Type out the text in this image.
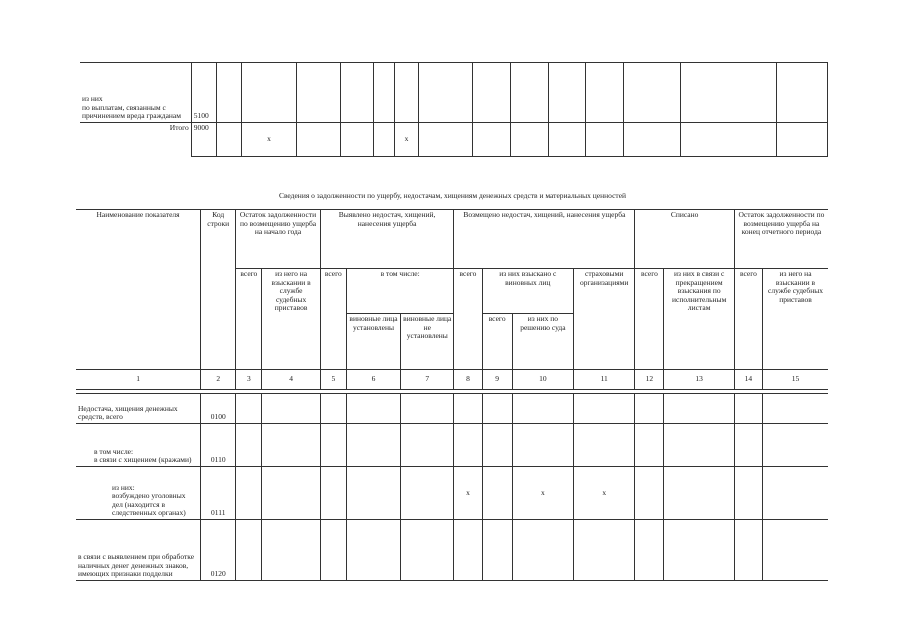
из них
по выплатам, связанным с причинением вреда гражданам	5100														
Итого	9000		x				x								
Сведения о задолженности по ущербу, недостачам, хищениям денежных средств и материальных ценностей
Наименование показателя	Код строки	Остаток задолженности по возмещению ущерба на начало года		Выявлено недостач, хищений, нанесения ущерба			Возмещено недостач, хищений, нанесения ущерба				Списано		Остаток задолженности по возмещению ущерба на конец отчетного периода	
		всего	из него на взыскании в службе судебных приставов	всего	в том числе:		всего	из них взыскано с виновных лиц		страховыми организациями	всего	из них в связи с прекращением взыскания по исполнительным листам	всего	из него на взыскании в службе судебных приставов
					виновные лица установлены	виновные лица не установлены		всего	из них по решению суда					
1	2	3	4	5	6	7	8	9	10	11	12	13	14	15

Недостача, хищения денежных средств, всего	0100													
в том числе:
в связи с хищением (кражами)	0110													
из них:
возбуждено уголовных дел (находится в следственных органах)	0111						x		x	x				
в связи с выявлением при обработке наличных денег денежных знаков, имеющих признаки подделки	0120													
